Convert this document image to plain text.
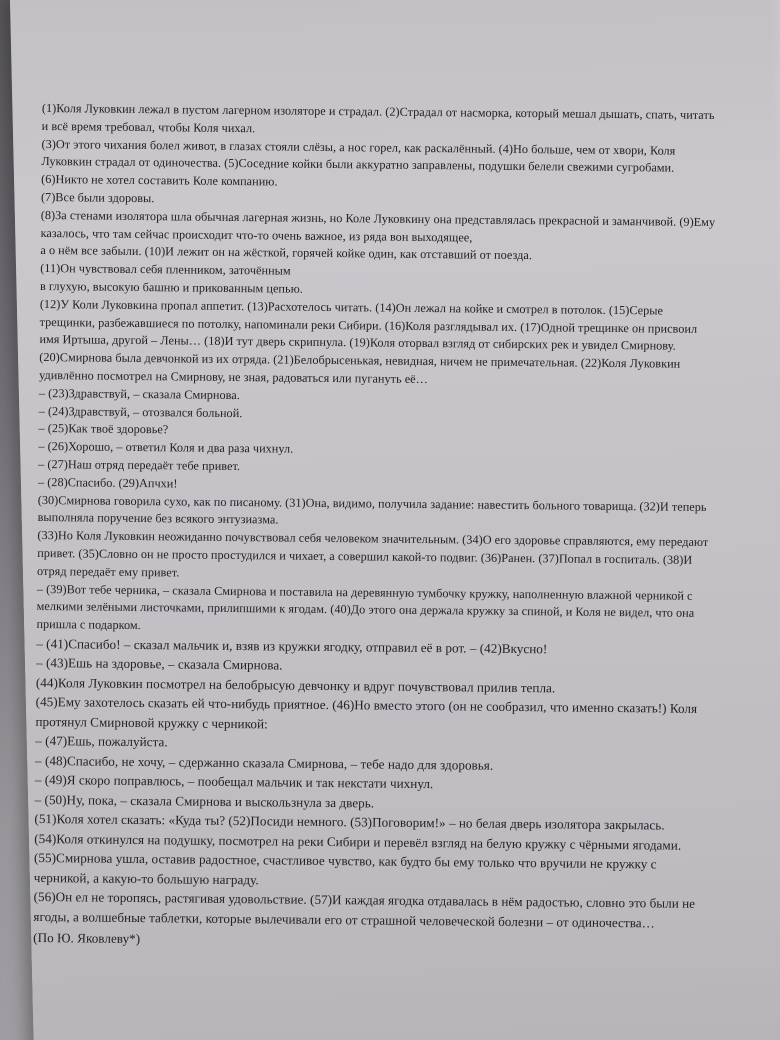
(1)Коля Луковкин лежал в пустом лагерном изоляторе и страдал. (2)Страдал от насморка, который мешал дышать, спать, читать и всё время требовал, чтобы Коля чихал.

(3)От этого чихания болел живот, в глазах стояли слёзы, а нос горел, как раскалённый. (4)Но больше, чем от хвори, Коля Луковкин страдал от одиночества. (5)Соседние койки были аккуратно заправлены, подушки белели свежими сугробами. (6)Никто не хотел составить Коле компанию.

(7)Все были здоровы.

(8)За стенами изолятора шла обычная лагерная жизнь, но Коле Луковкину она представлялась прекрасной и заманчивой. (9)Ему казалось, что там сейчас происходит что-то очень важное, из ряда вон выходящее,

а о нём все забыли. (10)И лежит он на жёсткой, горячей койке один, как отставший от поезда.

(11)Он чувствовал себя пленником, заточённым

в глухую, высокую башню и прикованным цепью.

(12)У Коли Луковкина пропал аппетит. (13)Расхотелось читать. (14)Он лежал на койке и смотрел в потолок. (15)Серые трещинки, разбежавшиеся по потолку, напоминали реки Сибири. (16)Коля разглядывал их. (17)Одной трещинке он присвоил имя Иртыша, другой – Лены… (18)И тут дверь скрипнула. (19)Коля оторвал взгляд от сибирских рек и увидел Смирнову.

(20)Смирнова была девчонкой из их отряда. (21)Белобрысенькая, невидная, ничем не примечательная. (22)Коля Луковкин удивлённо посмотрел на Смирнову, не зная, радоваться или пугануть её…

– (23)Здравствуй, – сказала Смирнова.

– (24)Здравствуй, – отозвался больной.

– (25)Как твоё здоровье?

– (26)Хорошо, – ответил Коля и два раза чихнул.

– (27)Наш отряд передаёт тебе привет.

– (28)Спасибо. (29)Апчхи!

(30)Смирнова говорила сухо, как по писаному. (31)Она, видимо, получила задание: навестить больного товарища. (32)И теперь выполняла поручение без всякого энтузиазма.

(33)Но Коля Луковкин неожиданно почувствовал себя человеком значительным. (34)О его здоровье справляются, ему передают привет. (35)Словно он не просто простудился и чихает, а совершил какой-то подвиг. (36)Ранен. (37)Попал в госпиталь. (38)И отряд передаёт ему привет.

– (39)Вот тебе черника, – сказала Смирнова и поставила на деревянную тумбочку кружку, наполненную влажной черникой с мелкими зелёными листочками, прилипшими к ягодам. (40)До этого она держала кружку за спиной, и Коля не видел, что она пришла с подарком.

– (41)Спасибо! – сказал мальчик и, взяв из кружки ягодку, отправил её в рот. – (42)Вкусно!

– (43)Ешь на здоровье, – сказала Смирнова.

(44)Коля Луковкин посмотрел на белобрысую девчонку и вдруг почувствовал прилив тепла.

(45)Ему захотелось сказать ей что-нибудь приятное. (46)Но вместо этого (он не сообразил, что именно сказать!) Коля протянул Смирновой кружку с черникой:

– (47)Ешь, пожалуйста.

– (48)Спасибо, не хочу, – сдержанно сказала Смирнова, – тебе надо для здоровья.

– (49)Я скоро поправлюсь, – пообещал мальчик и так некстати чихнул.

– (50)Ну, пока, – сказала Смирнова и выскользнула за дверь.

(51)Коля хотел сказать: «Куда ты? (52)Посиди немного. (53)Поговорим!» – но белая дверь изолятора закрылась.

(54)Коля откинулся на подушку, посмотрел на реки Сибири и перевёл взгляд на белую кружку с чёрными ягодами.

(55)Смирнова ушла, оставив радостное, счастливое чувство, как будто бы ему только что вручили не кружку с черникой, а какую-то большую награду.

(56)Он ел не торопясь, растягивая удовольствие. (57)И каждая ягодка отдавалась в нём радостью, словно это были не ягоды, а волшебные таблетки, которые вылечивали его от страшной человеческой болезни – от одиночества…

(По Ю. Яковлеву*)
